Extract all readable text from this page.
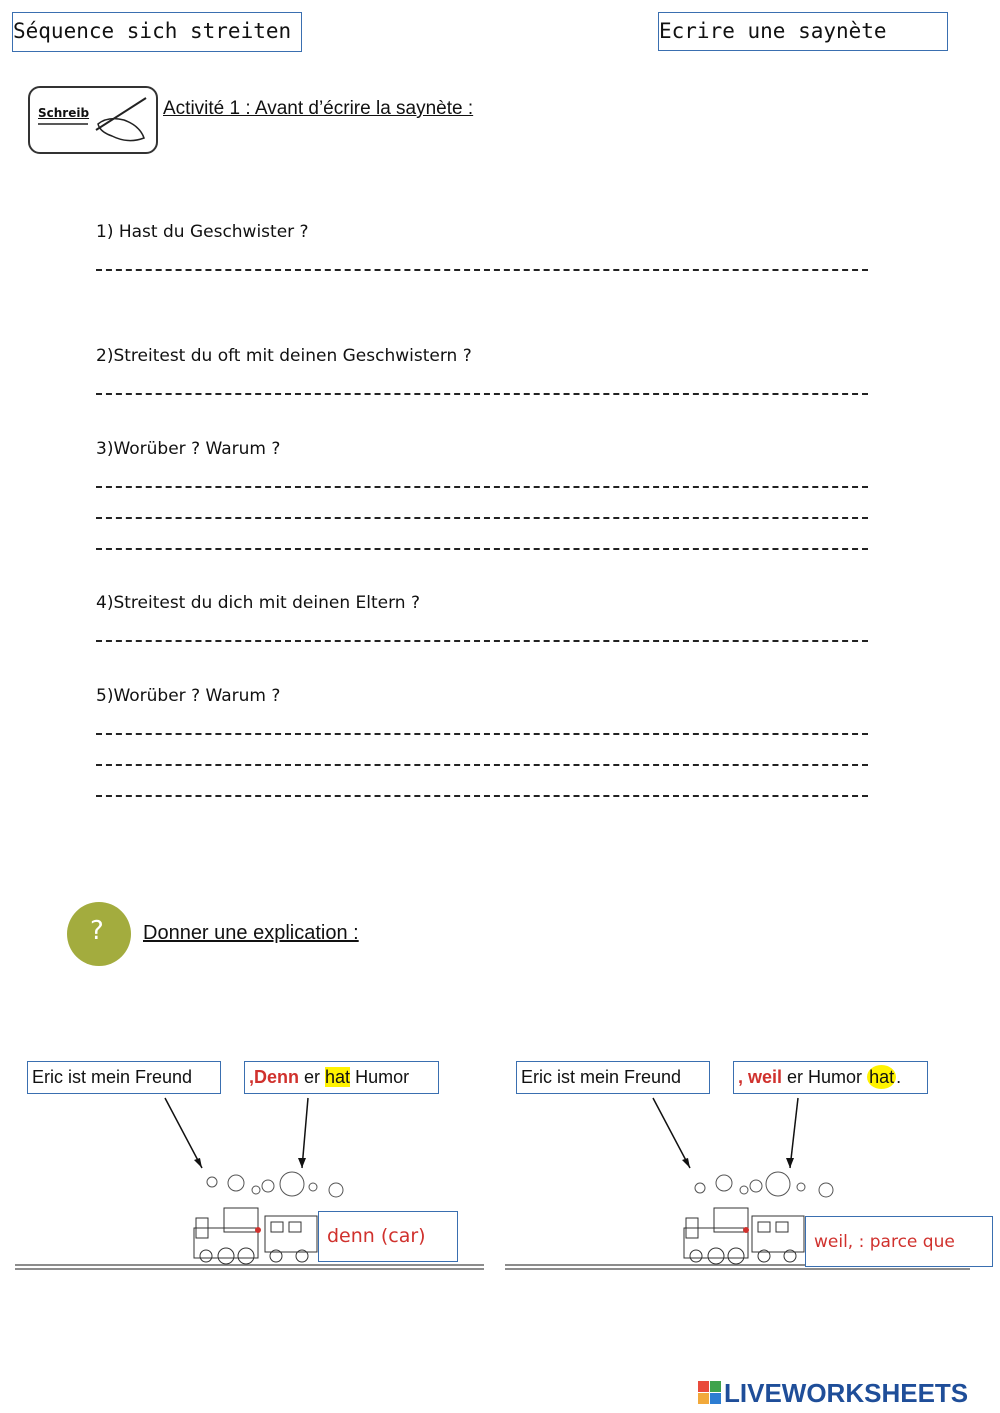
Séquence sich streiten	Ecrire une saynète
Schreib	Activité 1 : Avant d’écrire la saynète :
1) Hast du Geschwister ?
2)Streitest du oft mit deinen Geschwistern ?
3)Worüber ? Warum ?
4)Streitest du dich mit deinen Eltern ?
5)Worüber ? Warum ?
? Donner une explication :
Eric ist mein Freund	,Denn er hat Humor
denn (car)
Eric ist mein Freund	, weil er Humor hat .
weil, : parce que
LIVEWORKSHEETS
